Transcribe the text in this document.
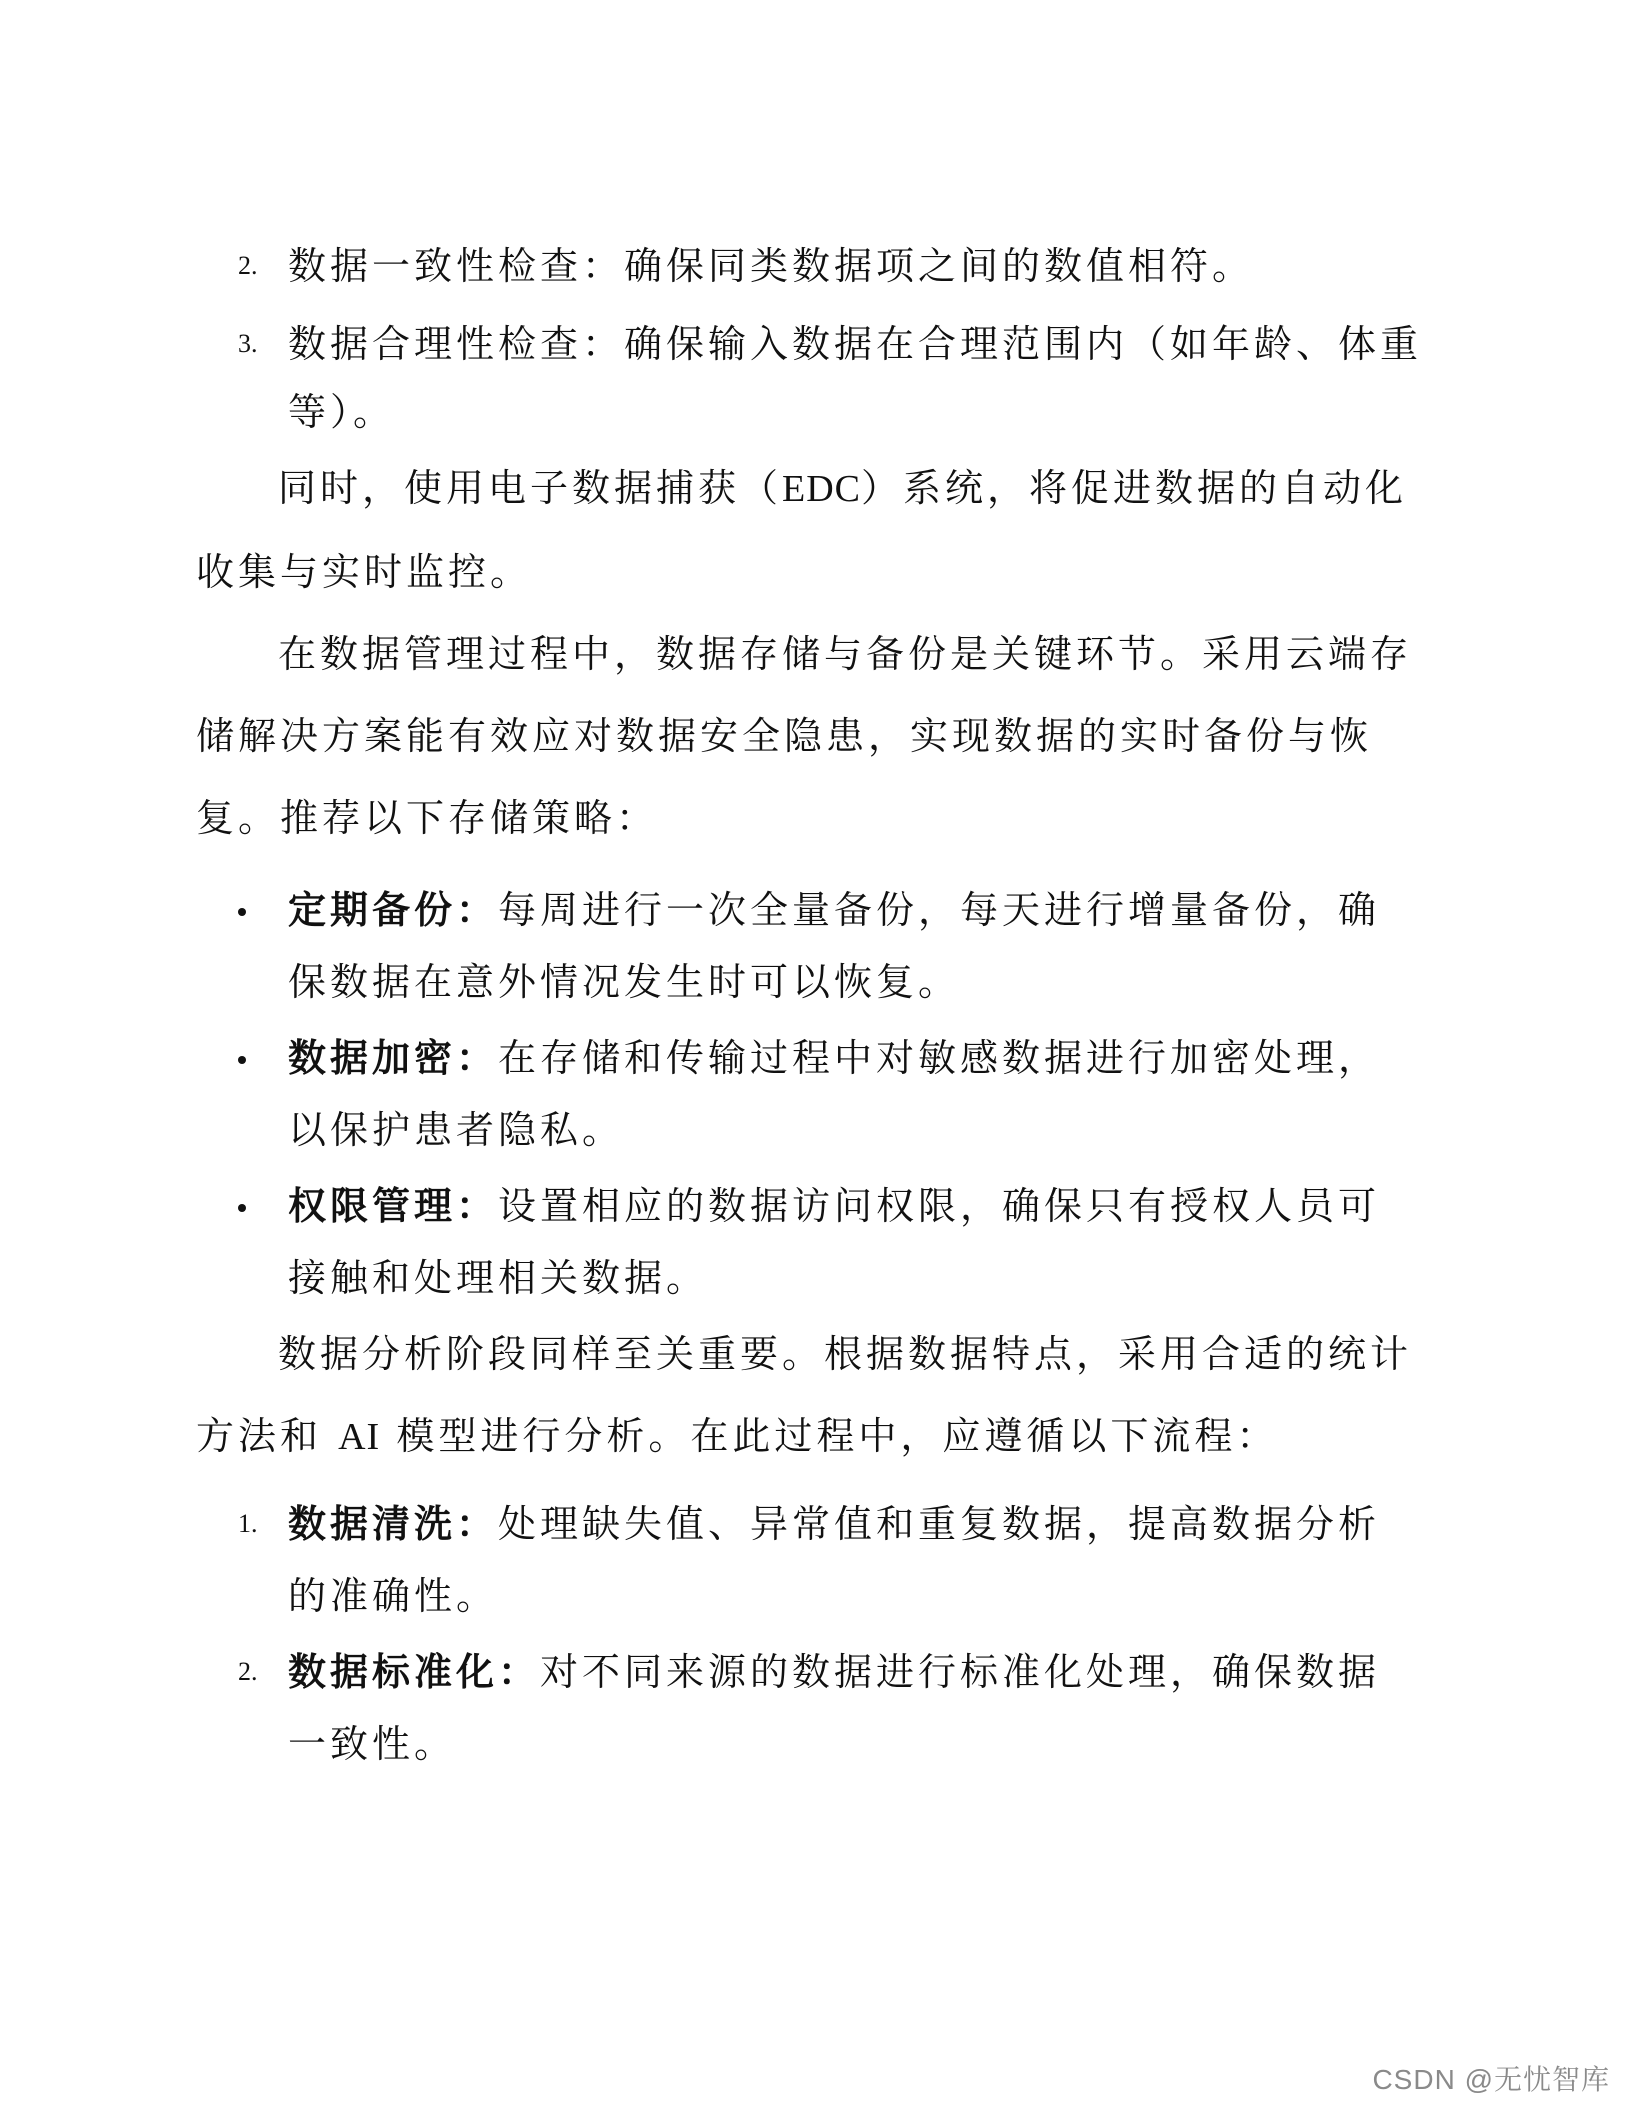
2. 数据一致性检查：确保同类数据项之间的数值相符。
3. 数据合理性检查：确保输入数据在合理范围内（如年龄、体重
等）。
同时，使用电子数据捕获（EDC）系统，将促进数据的自动化
收集与实时监控。
在数据管理过程中，数据存储与备份是关键环节。采用云端存
储解决方案能有效应对数据安全隐患，实现数据的实时备份与恢
复。推荐以下存储策略：
定期备份：每周进行一次全量备份，每天进行增量备份，确
保数据在意外情况发生时可以恢复。
数据加密：在存储和传输过程中对敏感数据进行加密处理，
以保护患者隐私。
权限管理：设置相应的数据访问权限，确保只有授权人员可
接触和处理相关数据。
数据分析阶段同样至关重要。根据数据特点，采用合适的统计
方法和 AI 模型进行分析。在此过程中，应遵循以下流程：
1. 数据清洗：处理缺失值、异常值和重复数据，提高数据分析
的准确性。
2. 数据标准化：对不同来源的数据进行标准化处理，确保数据
一致性。
CSDN @无忧智库
